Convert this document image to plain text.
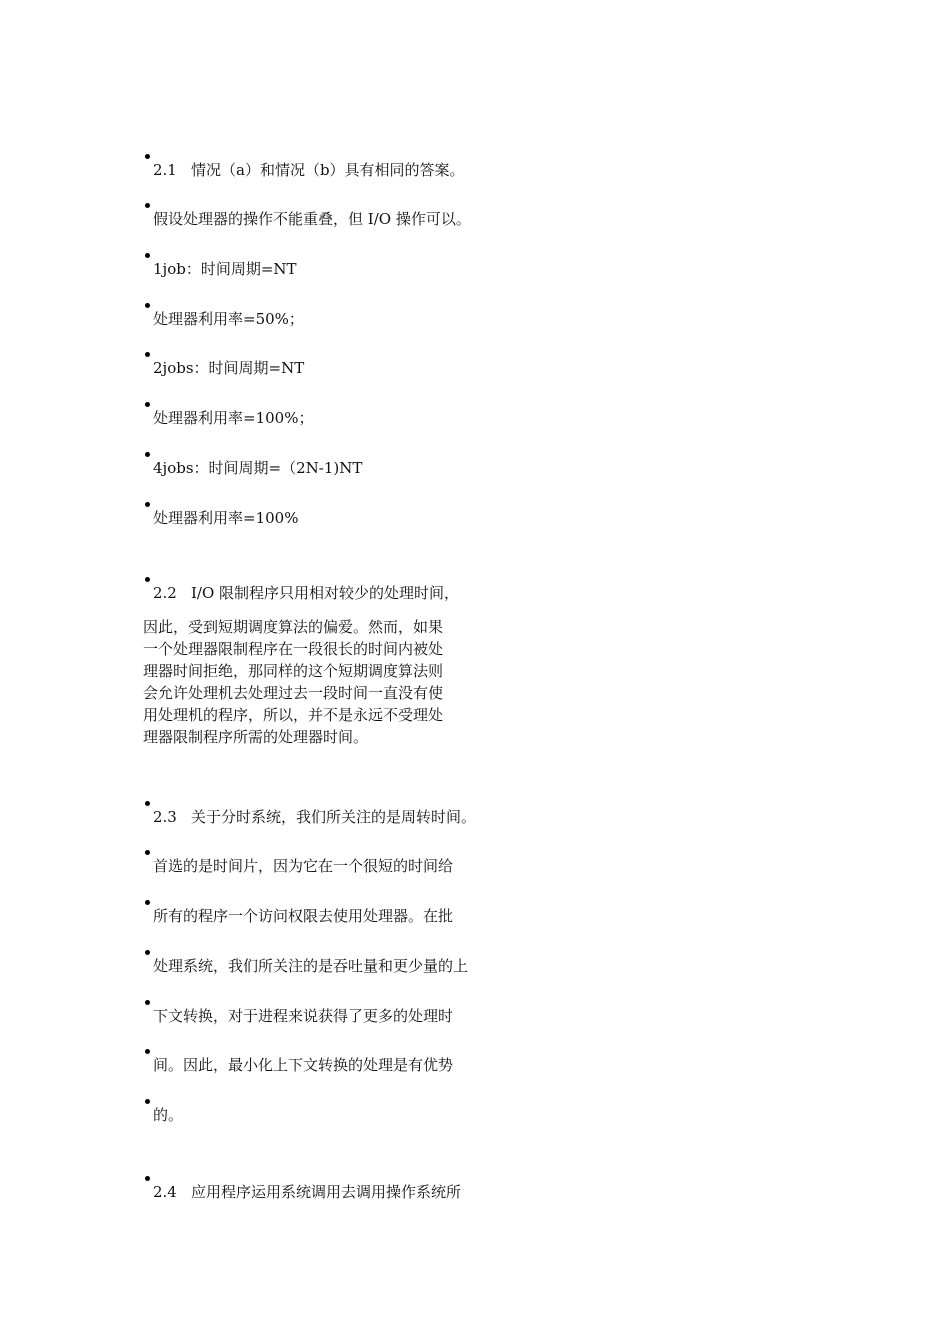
2.1 情况（a）和情况（b）具有相同的答案。
假设处理器的操作不能重叠，但 I/O 操作可以。
1job：时间周期=NT
处理器利用率=50%；
2jobs：时间周期=NT
处理器利用率=100%；
4jobs：时间周期=（2N-1)NT
处理器利用率=100%
2.2 I/O 限制程序只用相对较少的处理时间，
因此，受到短期调度算法的偏爱。然而，如果
一个处理器限制程序在一段很长的时间内被处
理器时间拒绝，那同样的这个短期调度算法则
会允许处理机去处理过去一段时间一直没有使
用处理机的程序，所以，并不是永远不受理处
理器限制程序所需的处理器时间。
2.3 关于分时系统，我们所关注的是周转时间。
首选的是时间片，因为它在一个很短的时间给
所有的程序一个访问权限去使用处理器。在批
处理系统，我们所关注的是吞吐量和更少量的上
下文转换，对于进程来说获得了更多的处理时
间。因此，最小化上下文转换的处理是有优势
的。
2.4 应用程序运用系统调用去调用操作系统所
